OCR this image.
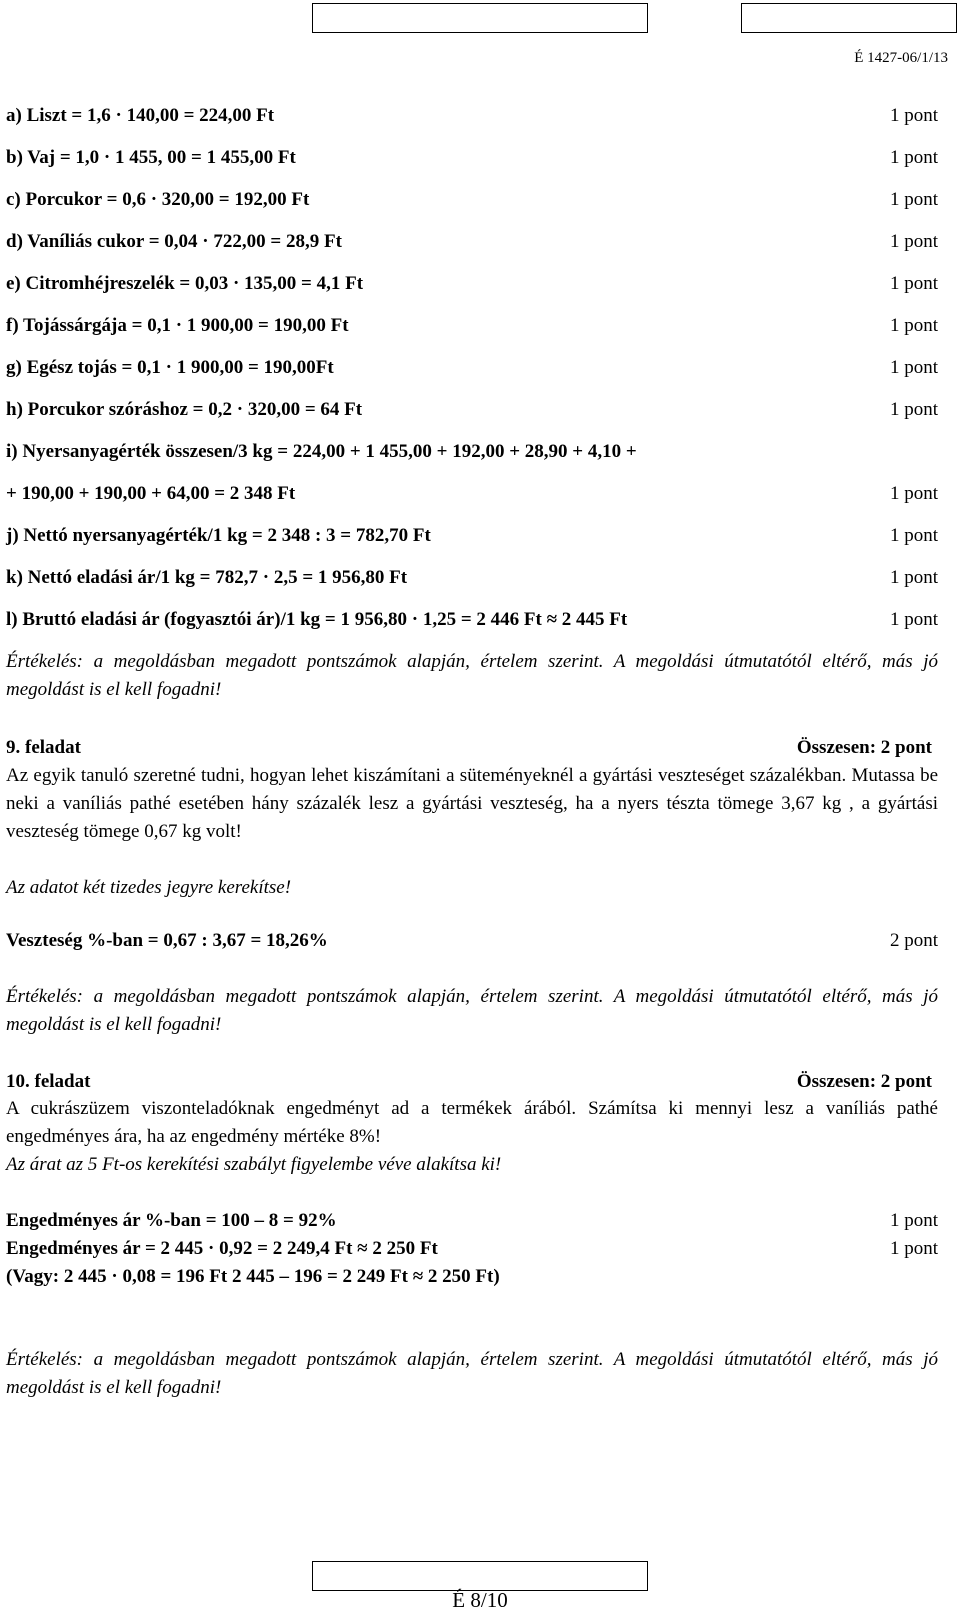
É 1427-06/1/13
a) Liszt = 1,6 · 140,00 = 224,00 Ft	1 pont
b) Vaj = 1,0 · 1 455, 00 = 1 455,00 Ft	1 pont
c) Porcukor = 0,6 · 320,00 = 192,00 Ft	1 pont
d) Vaníliás cukor = 0,04 · 722,00 = 28,9 Ft	1 pont
e) Citromhéjreszelék = 0,03 · 135,00 = 4,1 Ft	1 pont
f) Tojássárgája = 0,1 · 1 900,00 = 190,00 Ft	1 pont
g) Egész tojás = 0,1 · 1 900,00 = 190,00Ft	1 pont
h) Porcukor szóráshoz = 0,2 · 320,00 = 64 Ft	1 pont
i) Nyersanyagérték összesen/3 kg = 224,00 + 1 455,00 + 192,00 + 28,90 + 4,10 +
+ 190,00 + 190,00 + 64,00 = 2 348 Ft	1 pont
j) Nettó nyersanyagérték/1 kg = 2 348 : 3 = 782,70 Ft	1 pont
k) Nettó eladási ár/1 kg = 782,7 · 2,5 = 1 956,80 Ft	1 pont
l) Bruttó eladási ár (fogyasztói ár)/1 kg = 1 956,80 · 1,25 = 2 446 Ft ≈ 2 445 Ft	1 pont

Értékelés: a megoldásban megadott pontszámok alapján, értelem szerint. A megoldási útmutatótól eltérő, más jó megoldást is el kell fogadni!

9. feladat	Összesen: 2 pont

Az egyik tanuló szeretné tudni, hogyan lehet kiszámítani a süteményeknél a gyártási veszteséget százalékban. Mutassa be neki a vaníliás pathé esetében hány százalék lesz a gyártási veszteség, ha a nyers tészta tömege 3,67 kg , a gyártási veszteség tömege 0,67 kg volt!

Az adatot két tizedes jegyre kerekítse!

Veszteség %-ban = 0,67 : 3,67 = 18,26%	2 pont

Értékelés: a megoldásban megadott pontszámok alapján, értelem szerint. A megoldási útmutatótól eltérő, más jó megoldást is el kell fogadni!

10. feladat	Összesen: 2 pont

A cukrászüzem viszonteladóknak engedményt ad a termékek árából. Számítsa ki mennyi lesz a vaníliás pathé engedményes ára, ha az engedmény mértéke 8%!

Az árat az 5 Ft-os kerekítési szabályt figyelembe véve alakítsa ki!

Engedményes ár %-ban = 100 – 8 = 92%	1 pont
Engedményes ár = 2 445 · 0,92 = 2 249,4 Ft ≈ 2 250 Ft	1 pont
(Vagy: 2 445 · 0,08 = 196 Ft 2 445 – 196 = 2 249 Ft ≈ 2 250 Ft)

Értékelés: a megoldásban megadott pontszámok alapján, értelem szerint. A megoldási útmutatótól eltérő, más jó megoldást is el kell fogadni!

É 8/10
